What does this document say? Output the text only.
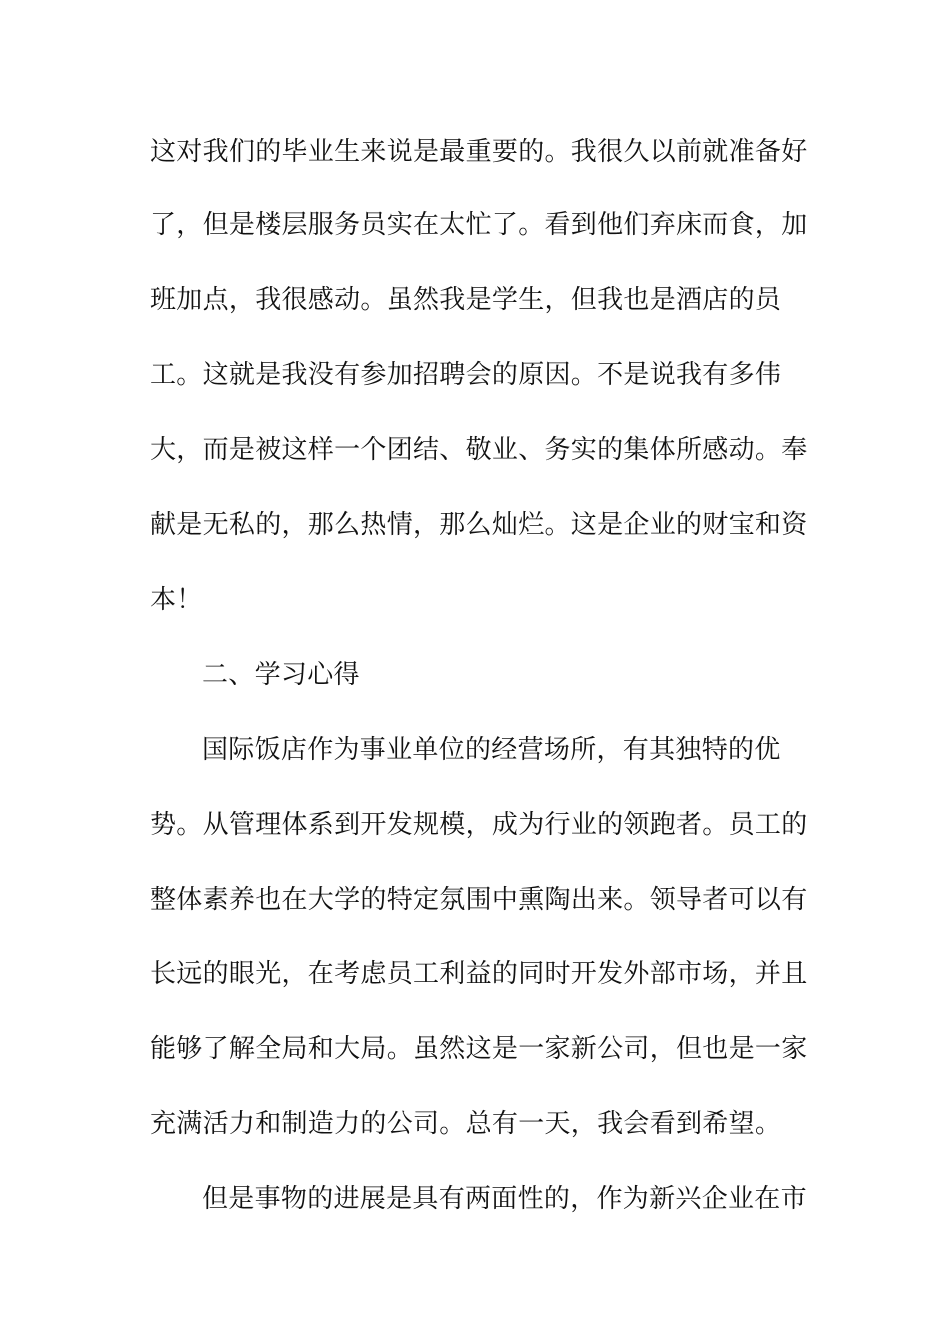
这对我们的毕业生来说是最重要的。我很久以前就准备好
了，但是楼层服务员实在太忙了。看到他们弃床而食，加
班加点，我很感动。虽然我是学生，但我也是酒店的员
工。这就是我没有参加招聘会的原因。不是说我有多伟
大，而是被这样一个团结、敬业、务实的集体所感动。奉
献是无私的，那么热情，那么灿烂。这是企业的财宝和资
本！
二、学习心得
国际饭店作为事业单位的经营场所，有其独特的优
势。从管理体系到开发规模，成为行业的领跑者。员工的
整体素养也在大学的特定氛围中熏陶出来。领导者可以有
长远的眼光，在考虑员工利益的同时开发外部市场，并且
能够了解全局和大局。虽然这是一家新公司，但也是一家
充满活力和制造力的公司。总有一天，我会看到希望。
但是事物的进展是具有两面性的，作为新兴企业在市
